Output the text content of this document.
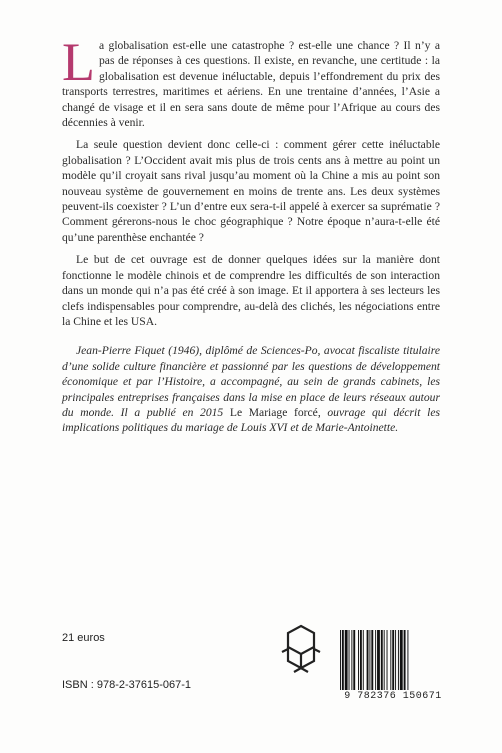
La globalisation est-elle une catastrophe ? est-elle une chance ? Il n’y a pas de réponses à ces questions. Il existe, en revanche, une certitude : la globalisation est devenue inéluctable, depuis l’effondrement du prix des transports terrestres, maritimes et aériens. En une trentaine d’années, l’Asie a changé de visage et il en sera sans doute de même pour l’Afrique au cours des décennies à venir.

La seule question devient donc celle-ci : comment gérer cette inéluctable globalisation ? L’Occident avait mis plus de trois cents ans à mettre au point un modèle qu’il croyait sans rival jusqu’au moment où la Chine a mis au point son nouveau système de gouvernement en moins de trente ans. Les deux systèmes peuvent-ils coexister ? L’un d’entre eux sera-t-il appelé à exercer sa suprématie ? Comment gérerons-nous le choc géographique ? Notre époque n’aura-t-elle été qu’une parenthèse enchantée ?

Le but de cet ouvrage est de donner quelques idées sur la manière dont fonctionne le modèle chinois et de comprendre les difficultés de son interaction dans un monde qui n’a pas été créé à son image. Et il apportera à ses lecteurs les clefs indispensables pour comprendre, au-delà des clichés, les négociations entre la Chine et les USA.

Jean-Pierre Fiquet (1946), diplômé de Sciences-Po, avocat fiscaliste titulaire d’une solide culture financière et passionné par les questions de développement économique et par l’Histoire, a accompagné, au sein de grands cabinets, les principales entreprises françaises dans la mise en place de leurs réseaux autour du monde. Il a publié en 2015 Le Mariage forcé, ouvrage qui décrit les implications politiques du mariage de Louis XVI et de Marie-Antoinette.

21 euros
ISBN : 978-2-37615-067-1
9 782376 150671
